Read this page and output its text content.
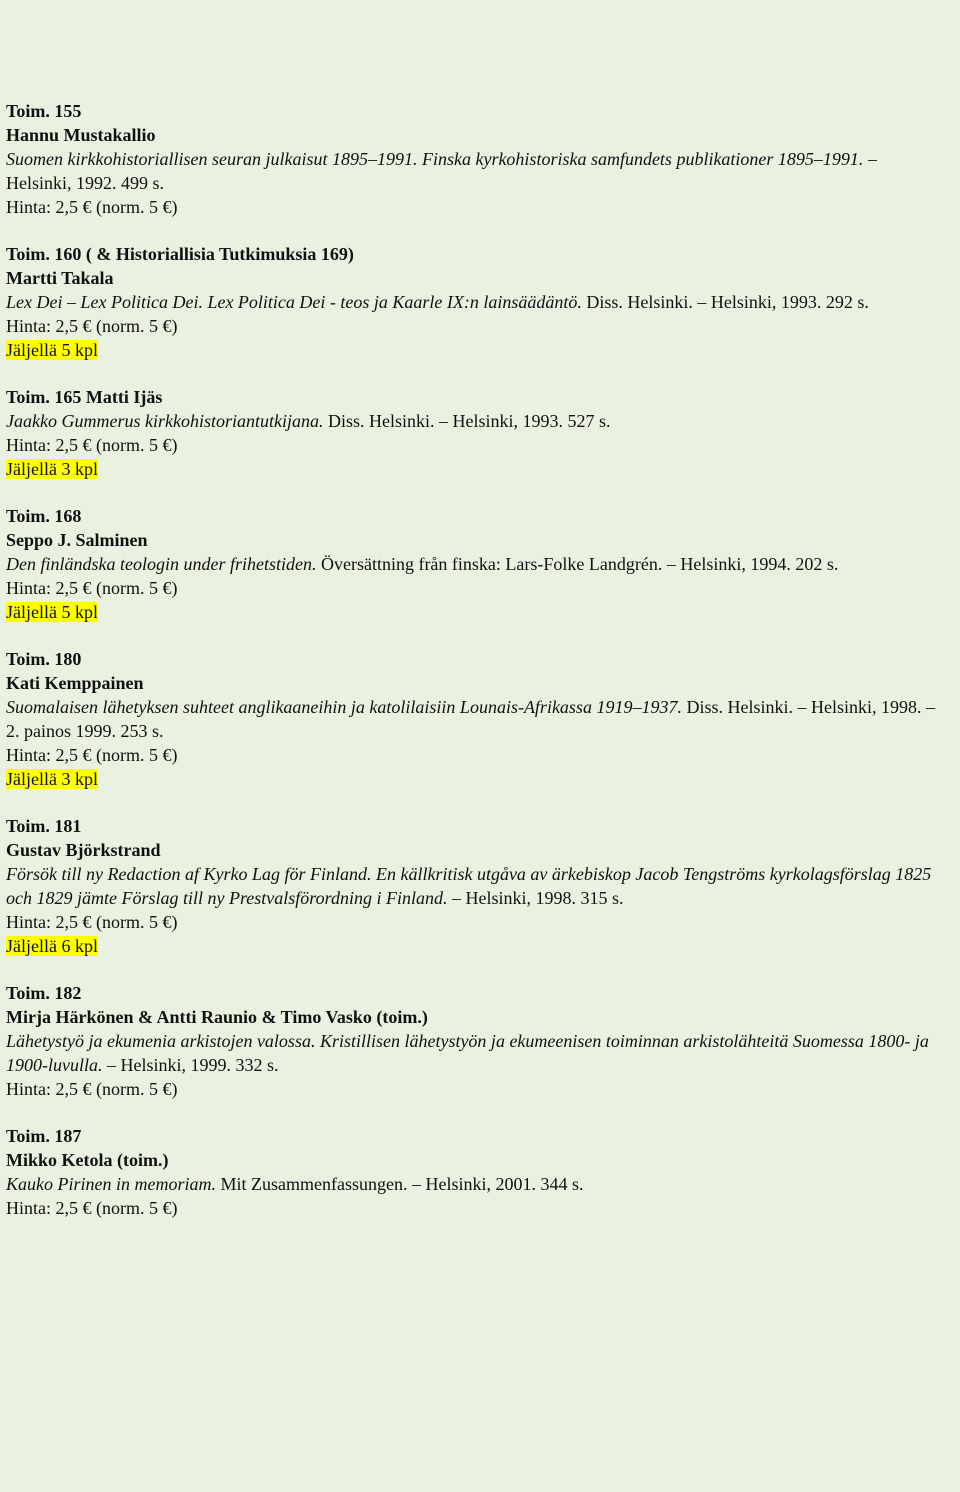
Toim. 155
Hannu Mustakallio
Suomen kirkkohistoriallisen seuran julkaisut 1895–1991. Finska kyrkohistoriska samfundets publikationer 1895–1991. – Helsinki, 1992. 499 s.
Hinta: 2,5 € (norm. 5 €)
Toim. 160 ( & Historiallisia Tutkimuksia 169)
Martti Takala
Lex Dei – Lex Politica Dei. Lex Politica Dei - teos ja Kaarle IX:n lainsäädäntö. Diss. Helsinki. – Helsinki, 1993. 292 s.
Hinta: 2,5 € (norm. 5 €)
Jäljellä 5 kpl
Toim. 165 Matti Ijäs
Jaakko Gummerus kirkkohistoriantutkijana. Diss. Helsinki. – Helsinki, 1993. 527 s.
Hinta: 2,5 € (norm. 5 €)
Jäljellä 3 kpl
Toim. 168
Seppo J. Salminen
Den finländska teologin under frihetstiden. Översättning från finska: Lars-Folke Landgrén. – Helsinki, 1994. 202 s.
Hinta: 2,5 € (norm. 5 €)
Jäljellä 5 kpl
Toim. 180
Kati Kemppainen
Suomalaisen lähetyksen suhteet anglikaaneihin ja katolilaisiin Lounais-Afrikassa 1919–1937. Diss. Helsinki. – Helsinki, 1998. – 2. painos 1999. 253 s.
Hinta: 2,5 € (norm. 5 €)
Jäljellä 3 kpl
Toim. 181
Gustav Björkstrand
Försök till ny Redaction af Kyrko Lag för Finland. En källkritisk utgåva av ärkebiskop Jacob Tengströms kyrkolagsförslag 1825 och 1829 jämte Förslag till ny Prestvalsförordning i Finland. – Helsinki, 1998. 315 s.
Hinta: 2,5 € (norm. 5 €)
Jäljellä 6 kpl
Toim. 182
Mirja Härkönen & Antti Raunio & Timo Vasko (toim.)
Lähetystyö ja ekumenia arkistojen valossa. Kristillisen lähetystyön ja ekumeenisen toiminnan arkistolähteitä Suomessa 1800- ja 1900-luvulla. – Helsinki, 1999. 332 s.
Hinta: 2,5 € (norm. 5 €)
Toim. 187
Mikko Ketola (toim.)
Kauko Pirinen in memoriam. Mit Zusammenfassungen. – Helsinki, 2001. 344 s.
Hinta: 2,5 € (norm. 5 €)
